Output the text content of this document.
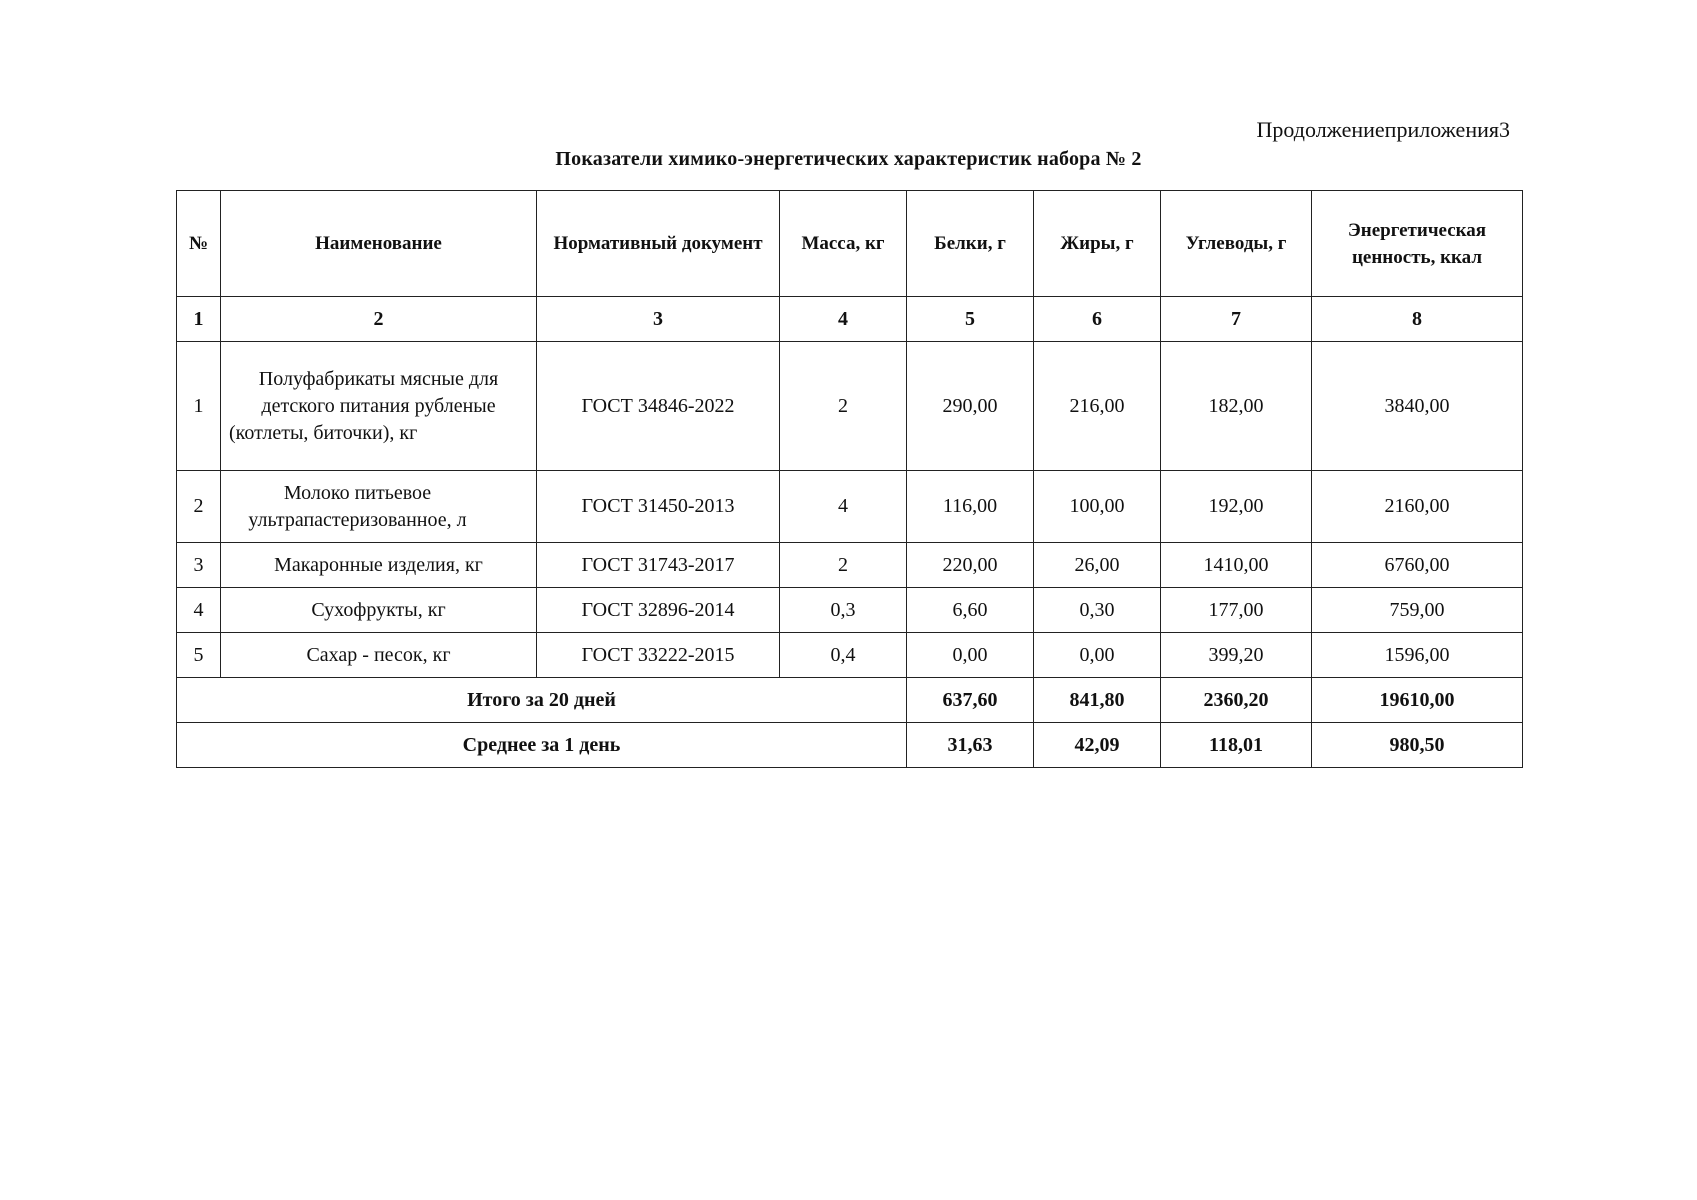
Продолжениеприложения3
Показатели химико-энергетических характеристик набора № 2
№	Наименование	Нормативный документ	Масса, кг	Белки, г	Жиры, г	Углеводы, г	Энергетическая ценность, ккал
1	2	3	4	5	6	7	8
1	Полуфабрикаты мясные для детского питания рубленые (котлеты, биточки), кг	ГОСТ 34846-2022	2	290,00	216,00	182,00	3840,00
2	Молоко питьевое ультрапастеризованное, л	ГОСТ 31450-2013	4	116,00	100,00	192,00	2160,00
3	Макаронные изделия, кг	ГОСТ 31743-2017	2	220,00	26,00	1410,00	6760,00
4	Сухофрукты, кг	ГОСТ 32896-2014	0,3	6,60	0,30	177,00	759,00
5	Сахар - песок, кг	ГОСТ 33222-2015	0,4	0,00	0,00	399,20	1596,00
Итого за 20 дней				637,60	841,80	2360,20	19610,00
Среднее за 1 день				31,63	42,09	118,01	980,50
